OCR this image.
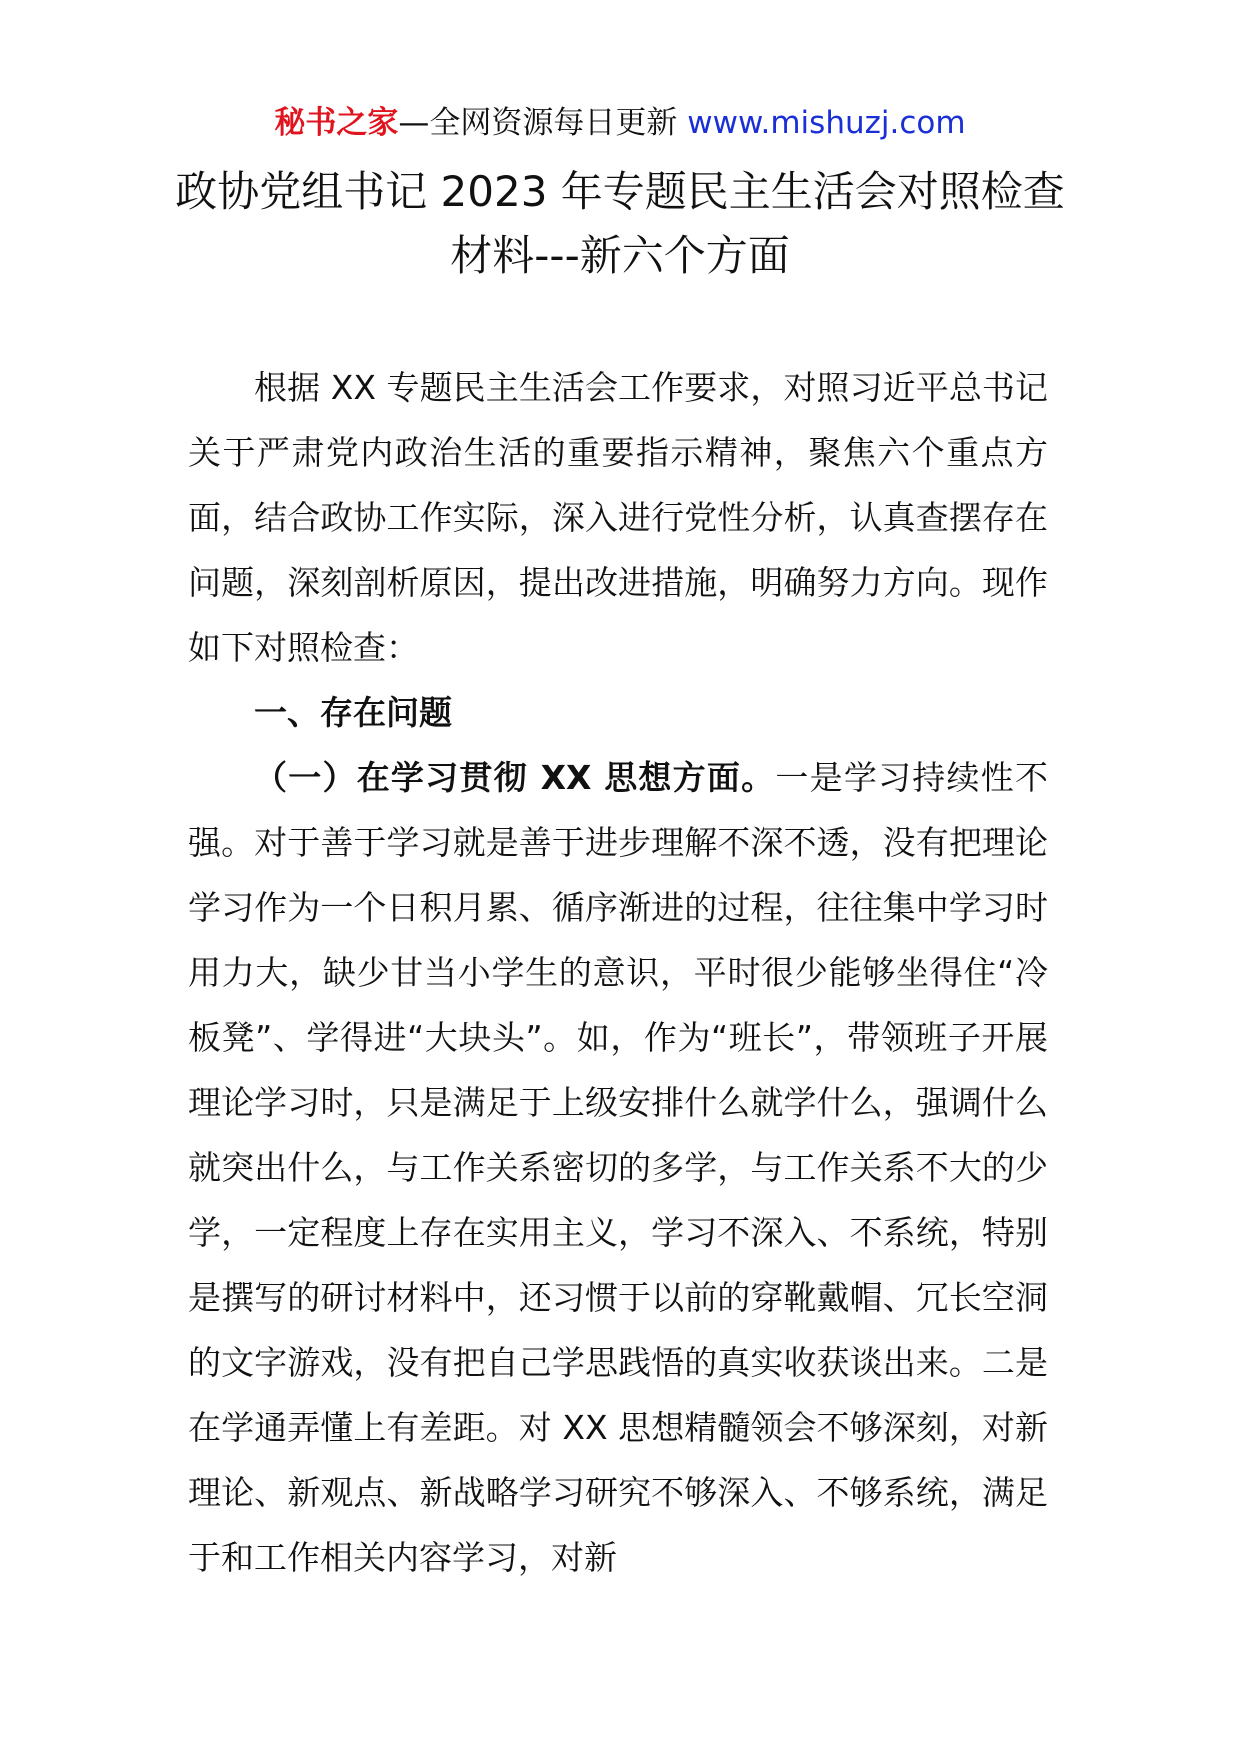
秘书之家—全网资源每日更新 www.mishuzj.com
政协党组书记 2023 年专题民主生活会对照检查
材料---新六个方面

根据 XX 专题民主生活会工作要求，对照习近平总书记关于严肃党内政治生活的重要指示精神，聚焦六个重点方面，结合政协工作实际，深入进行党性分析，认真查摆存在问题，深刻剖析原因，提出改进措施，明确努力方向。现作如下对照检查：

一、存在问题

（一）在学习贯彻 XX 思想方面。一是学习持续性不强。对于善于学习就是善于进步理解不深不透，没有把理论学习作为一个日积月累、循序渐进的过程，往往集中学习时用力大，缺少甘当小学生的意识，平时很少能够坐得住“冷板凳”、学得进“大块头”。如，作为“班长”，带领班子开展理论学习时，只是满足于上级安排什么就学什么，强调什么就突出什么，与工作关系密切的多学，与工作关系不大的少学，一定程度上存在实用主义，学习不深入、不系统，特别是撰写的研讨材料中，还习惯于以前的穿靴戴帽、冗长空洞的文字游戏，没有把自己学思践悟的真实收获谈出来。二是在学通弄懂上有差距。对 XX 思想精髓领会不够深刻，对新理论、新观点、新战略学习研究不够深入、不够系统，满足于和工作相关内容学习，对新
